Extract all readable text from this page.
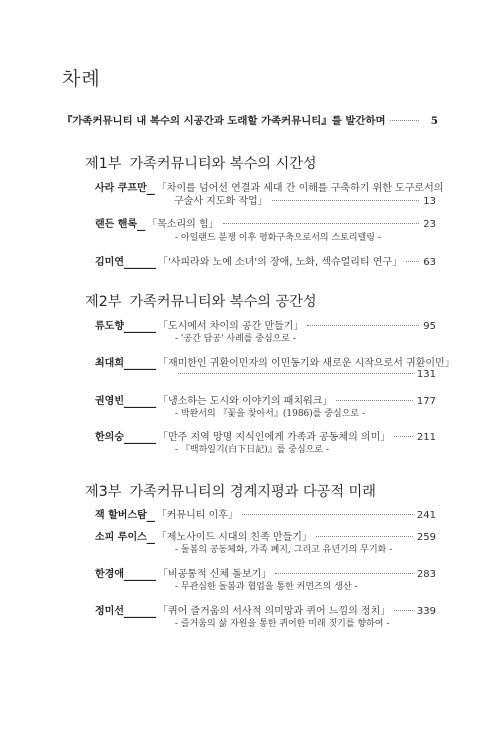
차례
『가족커뮤니티 내 복수의 시공간과 도래할 가족커뮤니티』를 발간하며	5
제1부 가족커뮤니티와 복수의 시간성
사라 쿠프만 _ 「차이를 넘어선 연결과 세대 간 이해를 구축하기 위한 도구로서의
구술사 지도화 작업」	13
랜든 핸록 _ 「목소리의 힘」	23
- 아일랜드 분쟁 이후 평화구축으로서의 스토리텔링 -
김미연 ____ 「'사피라와 노예 소녀'의 장애, 노화, 섹슈얼리티 연구」 63
제2부 가족커뮤니티와 복수의 공간성
류도향 ____ 「도시에서 차이의 공간 만들기」	95
- '공간 담공' 사례를 중심으로 -
최대희 ____ 「재미한인 귀환이민자의 이민동기와 새로운 시작으로서 귀환이민」
131
권영빈 ____ 「냉소하는 도시와 이야기의 패치워크」	177
- 박완서의 『꽃을 찾아서』(1986)를 중심으로 -
한의숭 ____ 「만주 지역 망명 지식인에게 가족과 공동체의 의미」	211
- 『백하일기(白下日記)』를 중심으로 -
제3부 가족커뮤니티의 경계지평과 다공적 미래
잭 할버스탐 _ 「커뮤니티 이후」	241
소피 루이스 _ 「제노사이드 시대의 친족 만들기」	259
- 돌봄의 공동체화, 가족 폐지, 그리고 유년기의 무기화 -
한경애 ____ 「비공통적 신체 돌보기」	283
- 무관심한 돌봄과 협업을 통한 커먼즈의 생산 -
정미선 ____ 「퀴어 즐거움의 서사적 의미망과 퀴어 느낌의 정치」	339
- 즐거움의 삶 자원을 통한 퀴어한 미래 짓기를 향하여 -
